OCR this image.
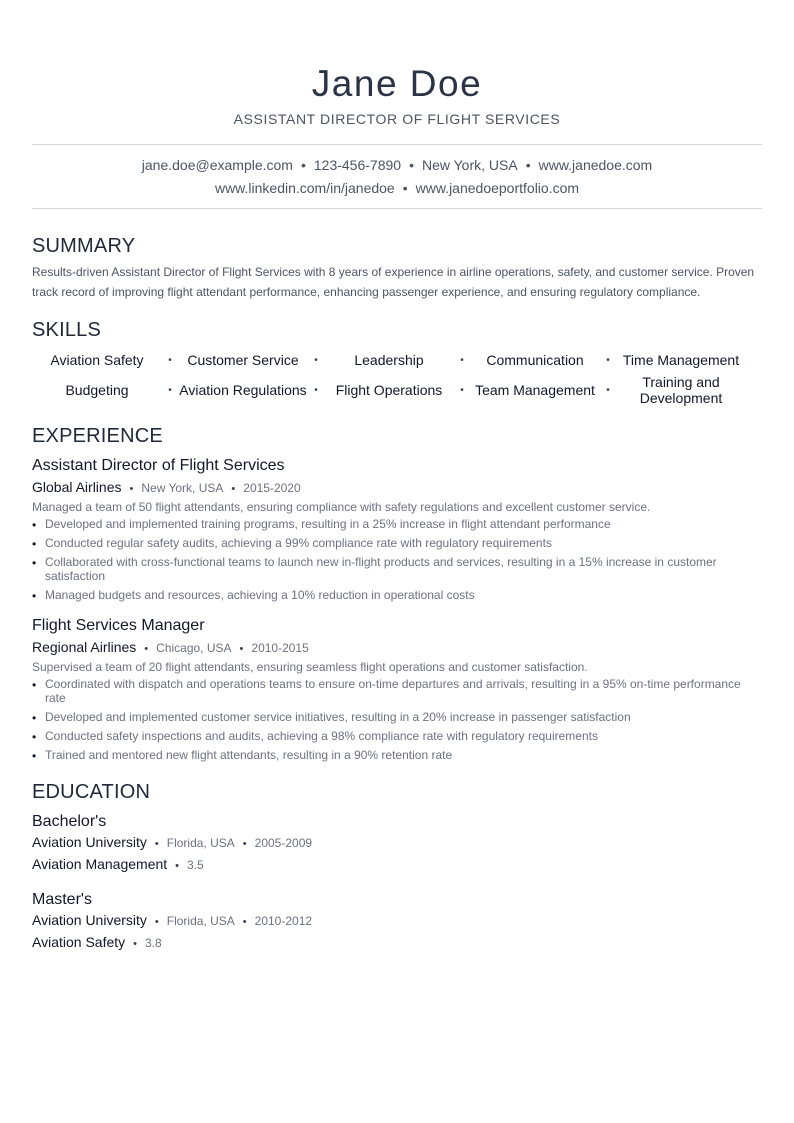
Jane Doe
ASSISTANT DIRECTOR OF FLIGHT SERVICES
jane.doe@example.com • 123-456-7890 • New York, USA • www.janedoe.com
www.linkedin.com/in/janedoe • www.janedoeportfolio.com
SUMMARY
Results-driven Assistant Director of Flight Services with 8 years of experience in airline operations, safety, and customer service. Proven track record of improving flight attendant performance, enhancing passenger experience, and ensuring regulatory compliance.
SKILLS
Aviation Safety	•	Customer Service	•	Leadership	•	Communication	• Time Management
Budgeting	• Aviation Regulations •	Flight Operations	• Team Management	•	Training and Development
EXPERIENCE
Assistant Director of Flight Services
Global Airlines • New York, USA • 2015-2020
Managed a team of 50 flight attendants, ensuring compliance with safety regulations and excellent customer service.
• Developed and implemented training programs, resulting in a 25% increase in flight attendant performance
• Conducted regular safety audits, achieving a 99% compliance rate with regulatory requirements
• Collaborated with cross-functional teams to launch new in-flight products and services, resulting in a 15% increase in customer satisfaction
• Managed budgets and resources, achieving a 10% reduction in operational costs
Flight Services Manager
Regional Airlines • Chicago, USA • 2010-2015
Supervised a team of 20 flight attendants, ensuring seamless flight operations and customer satisfaction.
• Coordinated with dispatch and operations teams to ensure on-time departures and arrivals, resulting in a 95% on-time performance rate
• Developed and implemented customer service initiatives, resulting in a 20% increase in passenger satisfaction
• Conducted safety inspections and audits, achieving a 98% compliance rate with regulatory requirements
• Trained and mentored new flight attendants, resulting in a 90% retention rate
EDUCATION
Bachelor's
Aviation University • Florida, USA • 2005-2009
Aviation Management • 3.5
Master's
Aviation University • Florida, USA • 2010-2012
Aviation Safety • 3.8
